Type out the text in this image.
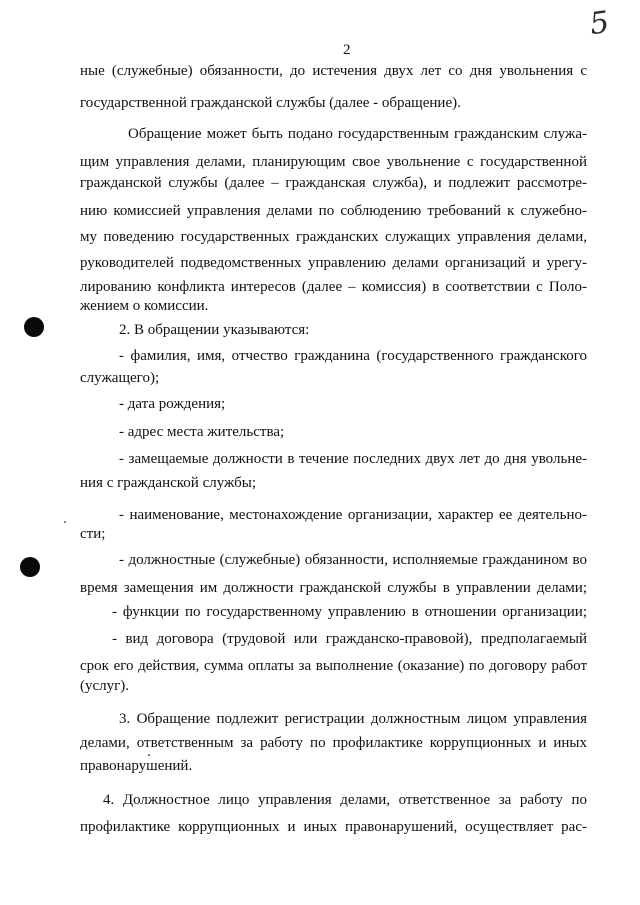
5
2

ные (служебные) обязанности, до истечения двух лет со дня увольнения с

государственной гражданской службы (далее - обращение).

Обращение может быть подано государственным гражданским служа-

щим управления делами, планирующим свое увольнение с государственной

гражданской службы (далее – гражданская служба), и подлежит рассмотре-

нию комиссией управления делами по соблюдению требований к служебно-

му поведению государственных гражданских служащих управления делами,

руководителей подведомственных управлению делами организаций и урегу-

лированию конфликта интересов (далее – комиссия) в соответствии с Поло-

жением о комиссии.

2. В обращении указываются:

- фамилия, имя, отчество гражданина (государственного гражданского

служащего);

- дата рождения;

- адрес места жительства;

- замещаемые должности в течение последних двух лет до дня увольне-

ния с гражданской службы;

- наименование, местонахождение организации, характер ее деятельно-

сти;

- должностные (служебные) обязанности, исполняемые гражданином во

время замещения им должности гражданской службы в управлении делами;

- функции по государственному управлению в отношении организации;

- вид договора (трудовой или гражданско-правовой), предполагаемый

срок его действия, сумма оплаты за выполнение (оказание) по договору работ

(услуг).

3. Обращение подлежит регистрации должностным лицом управления

делами, ответственным за работу по профилактике коррупционных и иных

правонарушений.

4. Должностное лицо управления делами, ответственное за работу по

профилактике коррупционных и иных правонарушений, осуществляет рас-
